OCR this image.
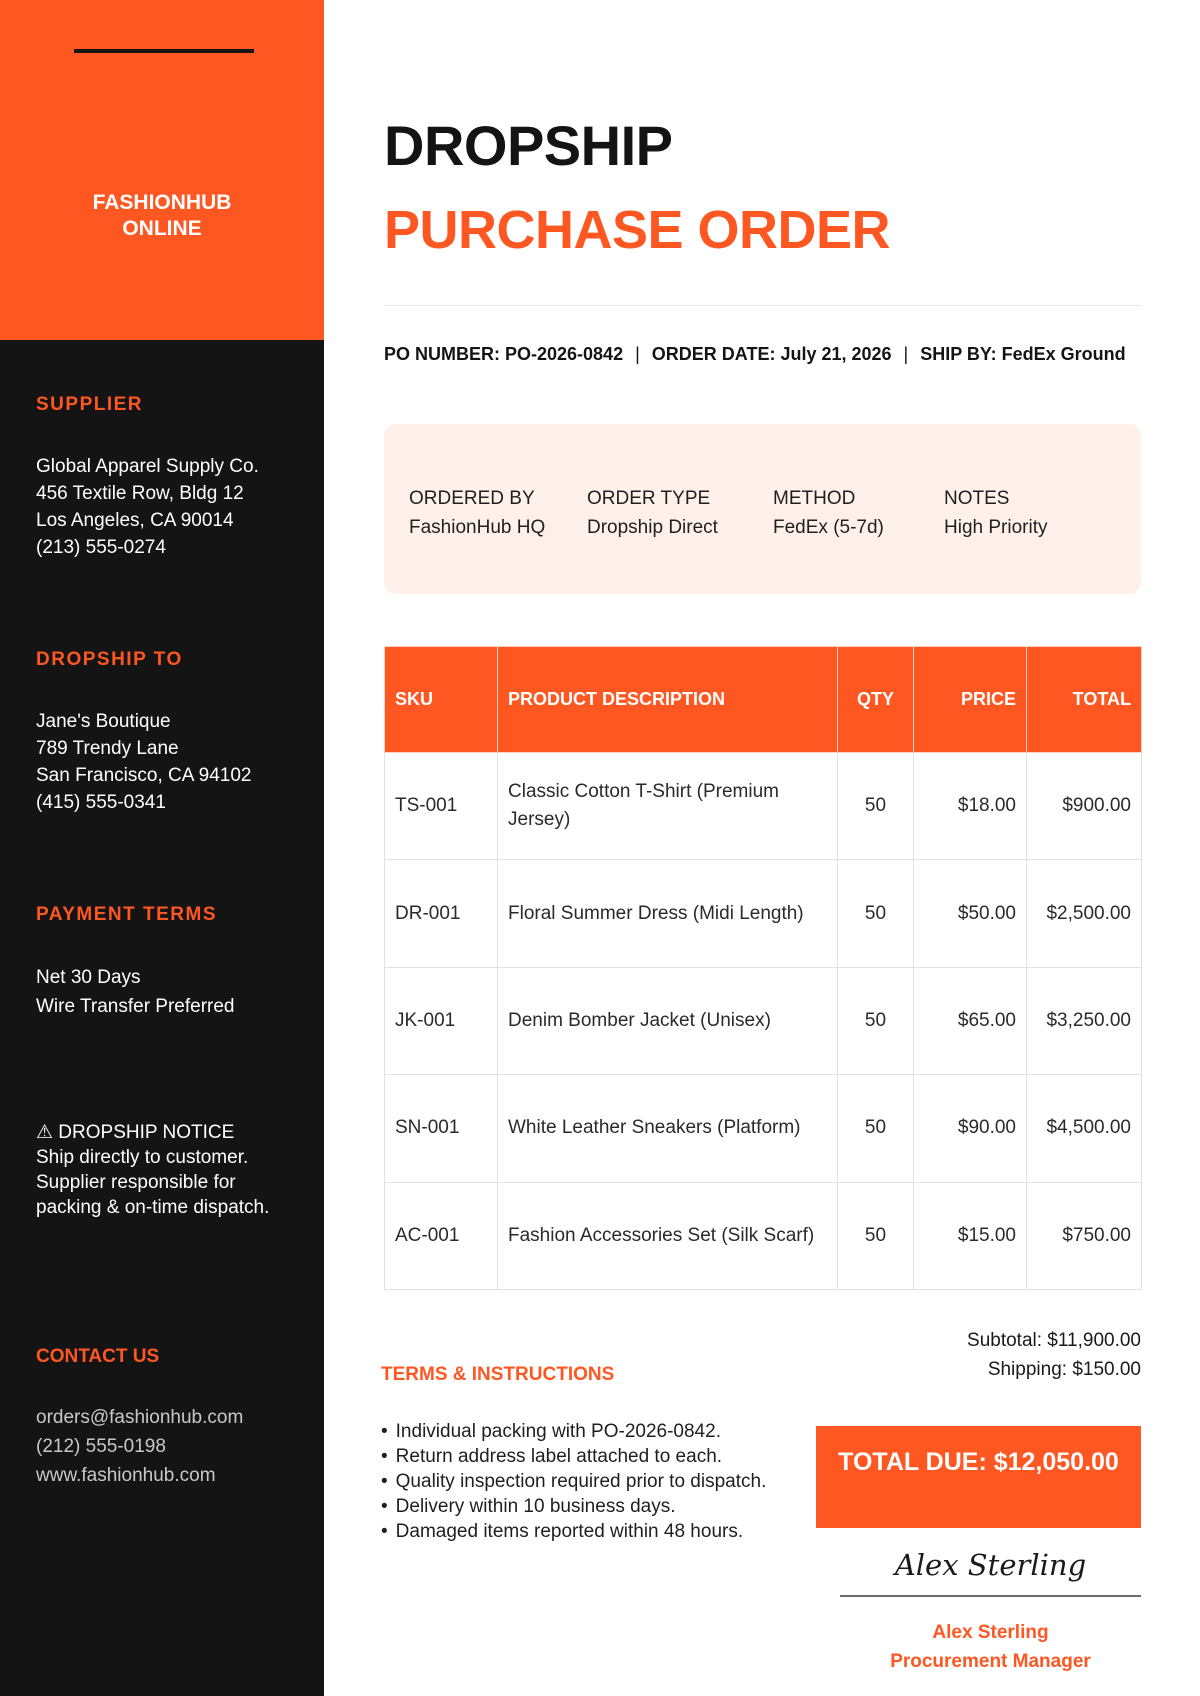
FASHIONHUB
ONLINE
SUPPLIER
Global Apparel Supply Co.
456 Textile Row, Bldg 12
Los Angeles, CA 90014
(213) 555-0274
DROPSHIP TO
Jane's Boutique
789 Trendy Lane
San Francisco, CA 94102
(415) 555-0341
PAYMENT TERMS
Net 30 Days
Wire Transfer Preferred
⚠ DROPSHIP NOTICE
Ship directly to customer.
Supplier responsible for
packing & on-time dispatch.
CONTACT US
orders@fashionhub.com
(212) 555-0198
www.fashionhub.com
DROPSHIP
PURCHASE ORDER
PO NUMBER: PO-2026-0842 | ORDER DATE: July 21, 2026 | SHIP BY: FedEx Ground
ORDERED BY
FashionHub HQ
ORDER TYPE
Dropship Direct
METHOD
FedEx (5-7d)
NOTES
High Priority
SKU	PRODUCT DESCRIPTION	QTY	PRICE	TOTAL
TS-001	Classic Cotton T-Shirt (Premium Jersey)	50	$18.00	$900.00
DR-001	Floral Summer Dress (Midi Length)	50	$50.00	$2,500.00
JK-001	Denim Bomber Jacket (Unisex)	50	$65.00	$3,250.00
SN-001	White Leather Sneakers (Platform)	50	$90.00	$4,500.00
AC-001	Fashion Accessories Set (Silk Scarf)	50	$15.00	$750.00
TERMS & INSTRUCTIONS
• Individual packing with PO-2026-0842.
• Return address label attached to each.
• Quality inspection required prior to dispatch.
• Delivery within 10 business days.
• Damaged items reported within 48 hours.
Subtotal: $11,900.00
Shipping: $150.00
TOTAL DUE: $12,050.00
Alex Sterling
Alex Sterling
Procurement Manager
